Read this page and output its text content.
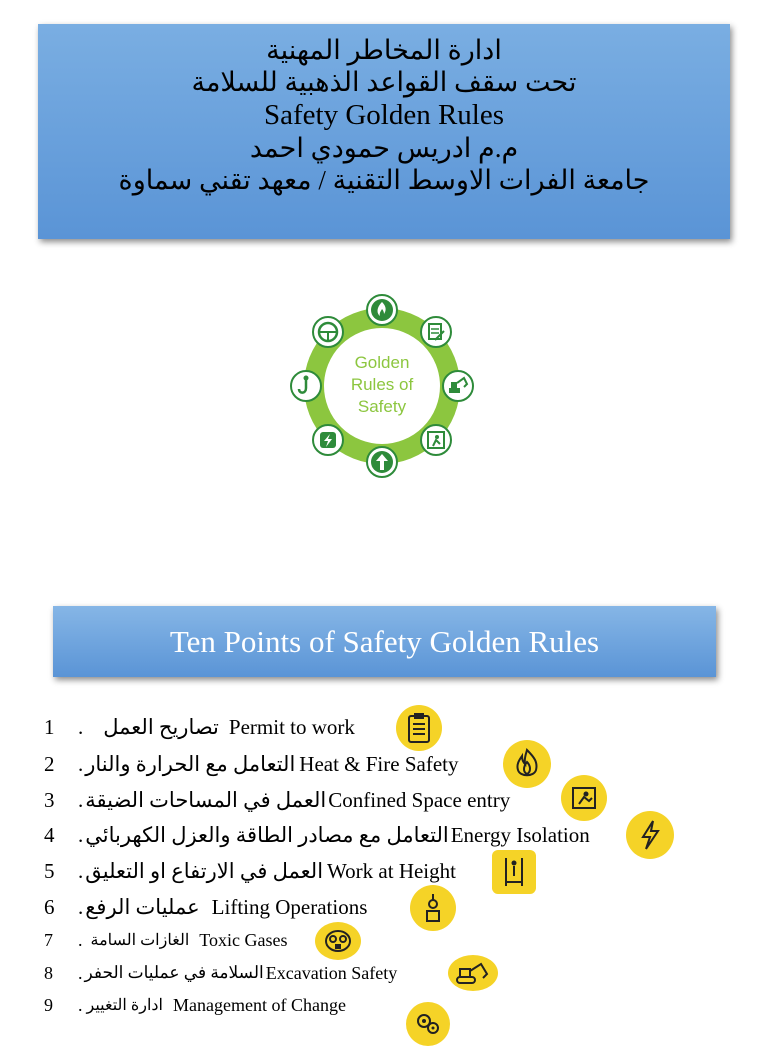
ادارة المخاطر المهنية
تحت سقف القواعد الذهبية للسلامة
Safety Golden Rules
م.م ادريس حمودي احمد
جامعة الفرات الاوسط التقنية / معهد تقني سماوة
Golden
Rules of
Safety
Ten Points of Safety Golden Rules
1	. تصاريح العمل Permit to work
2	. التعامل مع الحرارة والنار Heat & Fire Safety
3	. العمل في المساحات الضيقة Confined Space entry
4	. التعامل مع مصادر الطاقة والعزل الكهربائي Energy Isolation
5	. العمل في الارتفاع او التعليق Work at Height
6	. عمليات الرفع Lifting Operations
7	. الغازات السامة Toxic Gases
8	. السلامة في عمليات الحفر Excavation Safety
9	. ادارة التغيير Management of Change
